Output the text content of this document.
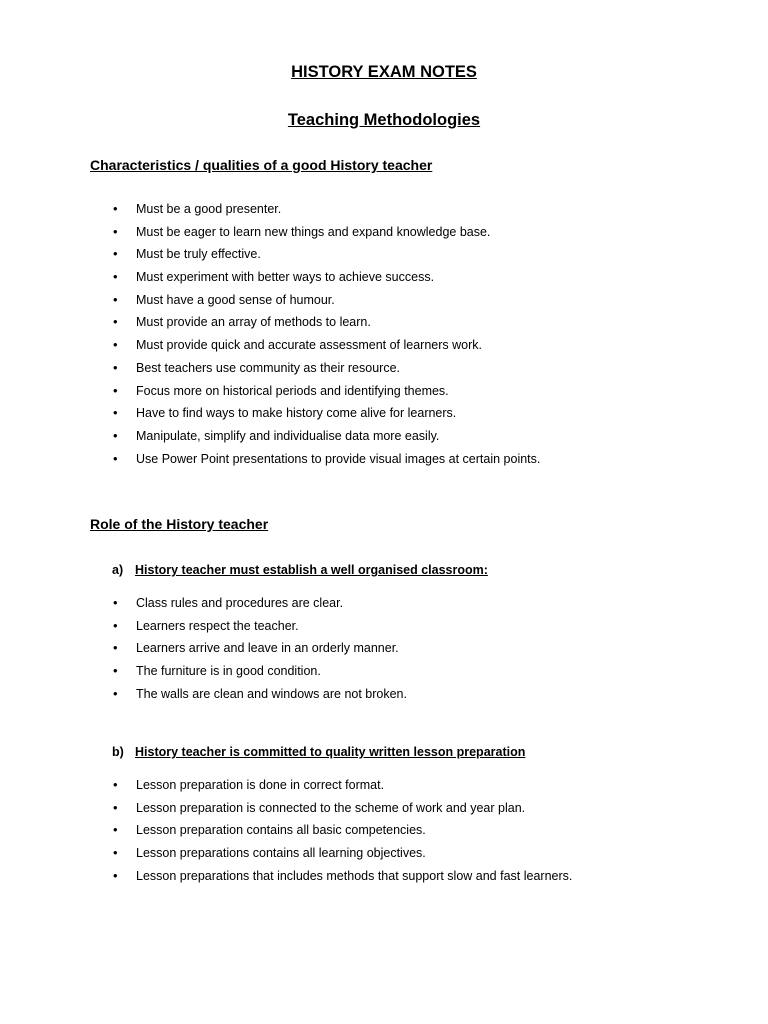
HISTORY EXAM NOTES
Teaching Methodologies
Characteristics / qualities of a good History teacher
• Must be a good presenter.
• Must be eager to learn new things and expand knowledge base.
• Must be truly effective.
• Must experiment with better ways to achieve success.
• Must have a good sense of humour.
• Must provide an array of methods to learn.
• Must provide quick and accurate assessment of learners work.
• Best teachers use community as their resource.
• Focus more on historical periods and identifying themes.
• Have to find ways to make history come alive for learners.
• Manipulate, simplify and individualise data more easily.
• Use Power Point presentations to provide visual images at certain points.
Role of the History teacher
a) History teacher must establish a well organised classroom:
• Class rules and procedures are clear.
• Learners respect the teacher.
• Learners arrive and leave in an orderly manner.
• The furniture is in good condition.
• The walls are clean and windows are not broken.
b) History teacher is committed to quality written lesson preparation
• Lesson preparation is done in correct format.
• Lesson preparation is connected to the scheme of work and year plan.
• Lesson preparation contains all basic competencies.
• Lesson preparations contains all learning objectives.
• Lesson preparations that includes methods that support slow and fast learners.
